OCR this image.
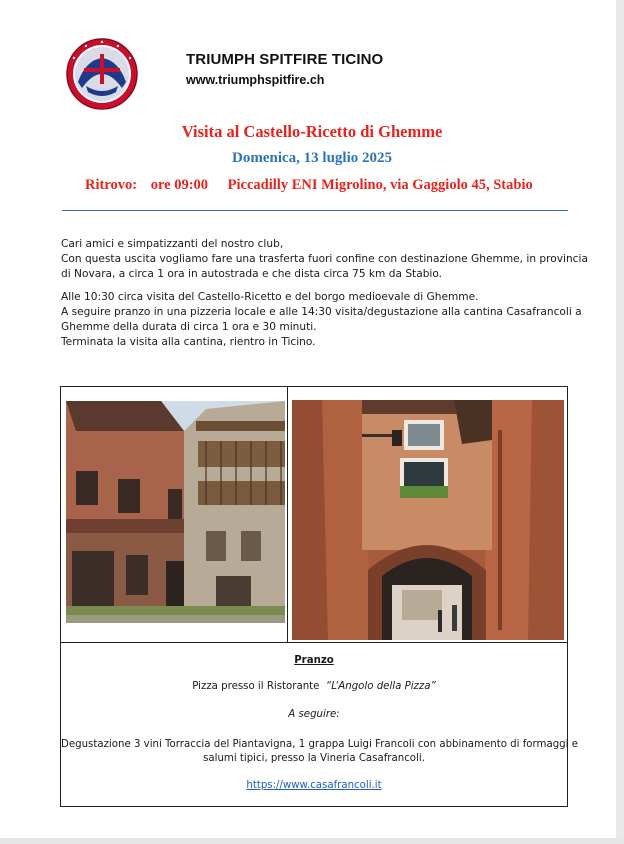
TRIUMPH SPITFIRE TICINO
www.triumphspitfire.ch
Visita al Castello-Ricetto di Ghemme
Domenica, 13 luglio 2025
Ritrovo: ore 09:00 Piccadilly ENI Migrolino, via Gaggiolo 45, Stabio

Cari amici e simpatizzanti del nostro club,
Con questa uscita vogliamo fare una trasferta fuori confine con destinazione Ghemme, in provincia
di Novara, a circa 1 ora in autostrada e che dista circa 75 km da Stabio.

Alle 10:30 circa visita del Castello-Ricetto e del borgo medioevale di Ghemme.
A seguire pranzo in una pizzeria locale e alle 14:30 visita/degustazione alla cantina Casafrancoli a
Ghemme della durata di circa 1 ora e 30 minuti.
Terminata la visita alla cantina, rientro in Ticino.

Pranzo
Pizza presso il Ristorante “L’Angolo della Pizza”
A seguire:
Degustazione 3 vini Torraccia del Piantavigna, 1 grappa Luigi Francoli con abbinamento di formaggi e
salumi tipici, presso la Vineria Casafrancoli.
https://www.casafrancoli.it
